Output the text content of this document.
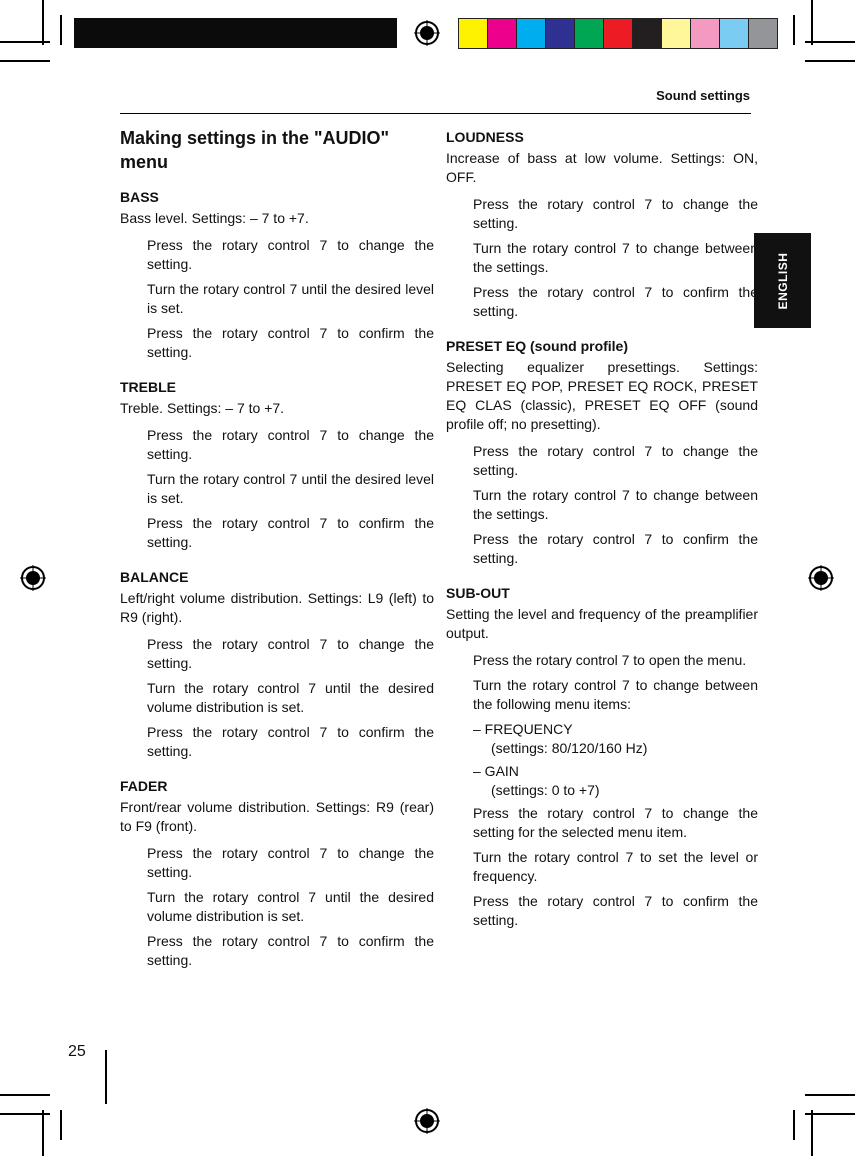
Sound settings
ENGLISH
Making settings in the "AUDIO" menu
BASS

Bass level. Settings: – 7 to +7.

Press the rotary control 7 to change the setting.
Turn the rotary control 7 until the desired level is set.
Press the rotary control 7 to confirm the setting.
TREBLE

Treble. Settings: – 7 to +7.

Press the rotary control 7 to change the setting.
Turn the rotary control 7 until the desired level is set.
Press the rotary control 7 to confirm the setting.
BALANCE

Left/right volume distribution. Settings: L9 (left) to R9 (right).

Press the rotary control 7 to change the setting.
Turn the rotary control 7 until the desired volume distribution is set.
Press the rotary control 7 to confirm the setting.
FADER

Front/rear volume distribution. Settings: R9 (rear) to F9 (front).

Press the rotary control 7 to change the setting.
Turn the rotary control 7 until the desired volume distribution is set.
Press the rotary control 7 to confirm the setting.
LOUDNESS

Increase of bass at low volume. Settings: ON, OFF.

Press the rotary control 7 to change the setting.
Turn the rotary control 7 to change between the settings.
Press the rotary control 7 to confirm the setting.
PRESET EQ (sound profile)

Selecting equalizer presettings. Settings: PRESET EQ POP, PRESET EQ ROCK, PRESET EQ CLAS (classic), PRESET EQ OFF (sound profile off; no presetting).

Press the rotary control 7 to change the setting.
Turn the rotary control 7 to change between the settings.
Press the rotary control 7 to confirm the setting.
SUB-OUT

Setting the level and frequency of the preamplifier output.

Press the rotary control 7 to open the menu.
Turn the rotary control 7 to change between the following menu items:
– FREQUENCY
(settings: 80/120/160 Hz)
– GAIN
(settings: 0 to +7)
Press the rotary control 7 to change the setting for the selected menu item.
Turn the rotary control 7 to set the level or frequency.
Press the rotary control 7 to confirm the setting.
25
